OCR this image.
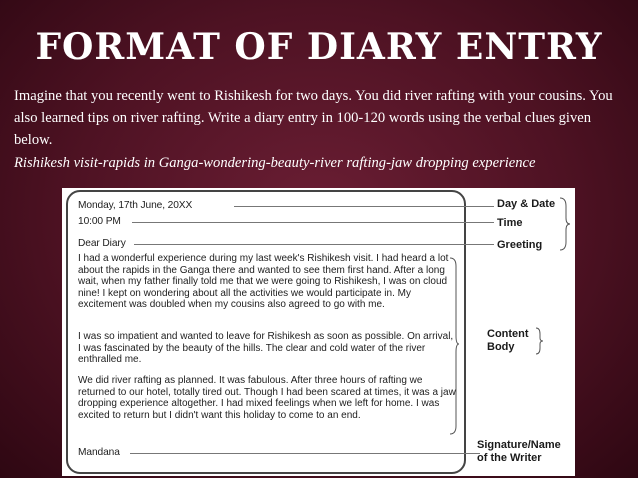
FORMAT OF DIARY ENTRY
Imagine that you recently went to Rishikesh for two days. You did river rafting with your cousins. You also learned tips on river rafting. Write a diary entry in 100-120 words using the verbal clues given below.
Rishikesh visit-rapids in Ganga-wondering-beauty-river rafting-jaw dropping experience
Monday, 17th June, 20XX
10:00 PM
Dear Diary
I had a wonderful experience during my last week's Rishikesh visit. I had heard a lot about the rapids in the Ganga there and wanted to see them first hand. After a long wait, when my father finally told me that we were going to Rishikesh, I was on cloud nine! I kept on wondering about all the activities we would participate in. My excitement was doubled when my cousins also agreed to go with me.
I was so impatient and wanted to leave for Rishikesh as soon as possible. On arrival, I was fascinated by the beauty of the hills. The clear and cold water of the river enthralled me.
We did river rafting as planned. It was fabulous. After three hours of rafting we returned to our hotel, totally tired out. Though I had been scared at times, it was a jaw dropping experience altogether. I had mixed feelings when we left for home. I was excited to return but I didn't want this holiday to come to an end.
Mandana
Day & Date
Time
Greeting
Content Body
Signature/Name of the Writer
